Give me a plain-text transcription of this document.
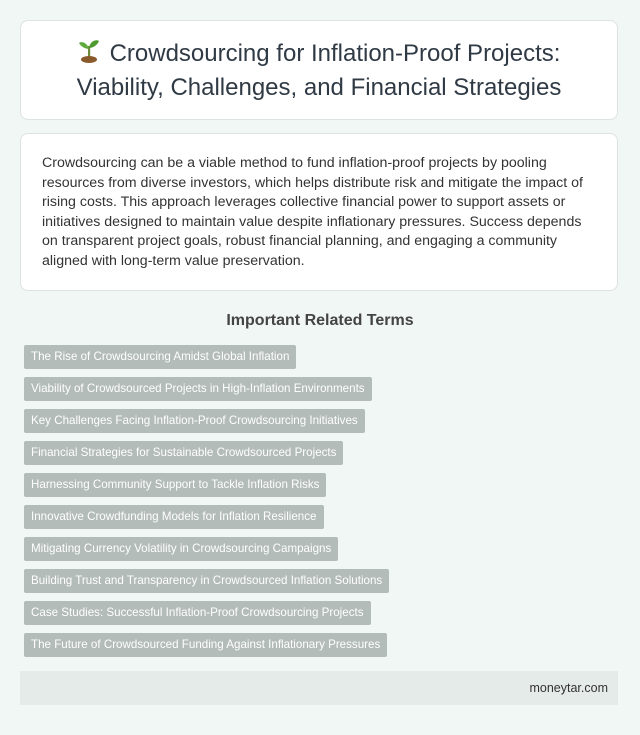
Crowdsourcing for Inflation-Proof Projects: Viability, Challenges, and Financial Strategies

Crowdsourcing can be a viable method to fund inflation-proof projects by pooling resources from diverse investors, which helps distribute risk and mitigate the impact of rising costs. This approach leverages collective financial power to support assets or initiatives designed to maintain value despite inflationary pressures. Success depends on transparent project goals, robust financial planning, and engaging a community aligned with long-term value preservation.

Important Related Terms
The Rise of Crowdsourcing Amidst Global Inflation
Viability of Crowdsourced Projects in High-Inflation Environments
Key Challenges Facing Inflation-Proof Crowdsourcing Initiatives
Financial Strategies for Sustainable Crowdsourced Projects
Harnessing Community Support to Tackle Inflation Risks
Innovative Crowdfunding Models for Inflation Resilience
Mitigating Currency Volatility in Crowdsourcing Campaigns
Building Trust and Transparency in Crowdsourced Inflation Solutions
Case Studies: Successful Inflation-Proof Crowdsourcing Projects
The Future of Crowdsourced Funding Against Inflationary Pressures
moneytar.com
